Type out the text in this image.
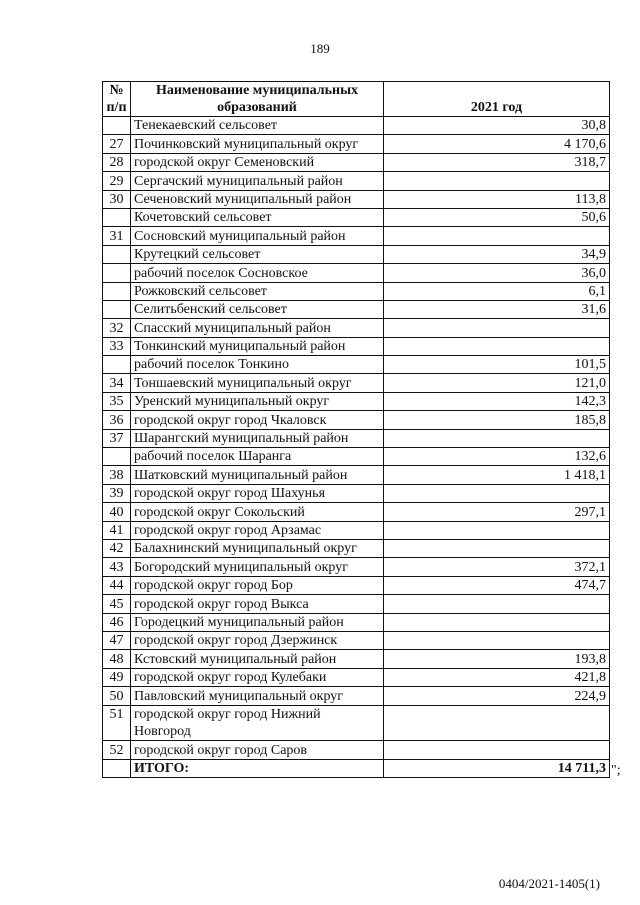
189
№
п/п	Наименование муниципальных образований	2021 год
	Тенекаевский сельсовет	30,8
27	Починковский муниципальный округ	4 170,6
28	городской округ Семеновский	318,7
29	Сергачский муниципальный район	
30	Сеченовский муниципальный район	113,8
	Кочетовский сельсовет	50,6
31	Сосновский муниципальный район	
	Крутецкий сельсовет	34,9
	рабочий поселок Сосновское	36,0
	Рожковский сельсовет	6,1
	Селитьбенский сельсовет	31,6
32	Спасский муниципальный район	
33	Тонкинский муниципальный район	
	рабочий поселок Тонкино	101,5
34	Тоншаевский муниципальный округ	121,0
35	Уренский муниципальный округ	142,3
36	городской округ город Чкаловск	185,8
37	Шарангский муниципальный район	
	рабочий поселок Шаранга	132,6
38	Шатковский муниципальный район	1 418,1
39	городской округ город Шахунья	
40	городской округ Сокольский	297,1
41	городской округ город Арзамас	
42	Балахнинский муниципальный округ	
43	Богородский муниципальный округ	372,1
44	городской округ город Бор	474,7
45	городской округ город Выкса	
46	Городецкий муниципальный район	
47	городской округ город Дзержинск	
48	Кстовский муниципальный район	193,8
49	городской округ город Кулебаки	421,8
50	Павловский муниципальный округ	224,9
51	городской округ город Нижний Новгород	
52	городской округ город Саров	
	ИТОГО:	14 711,3 ";
0404/2021-1405(1)
